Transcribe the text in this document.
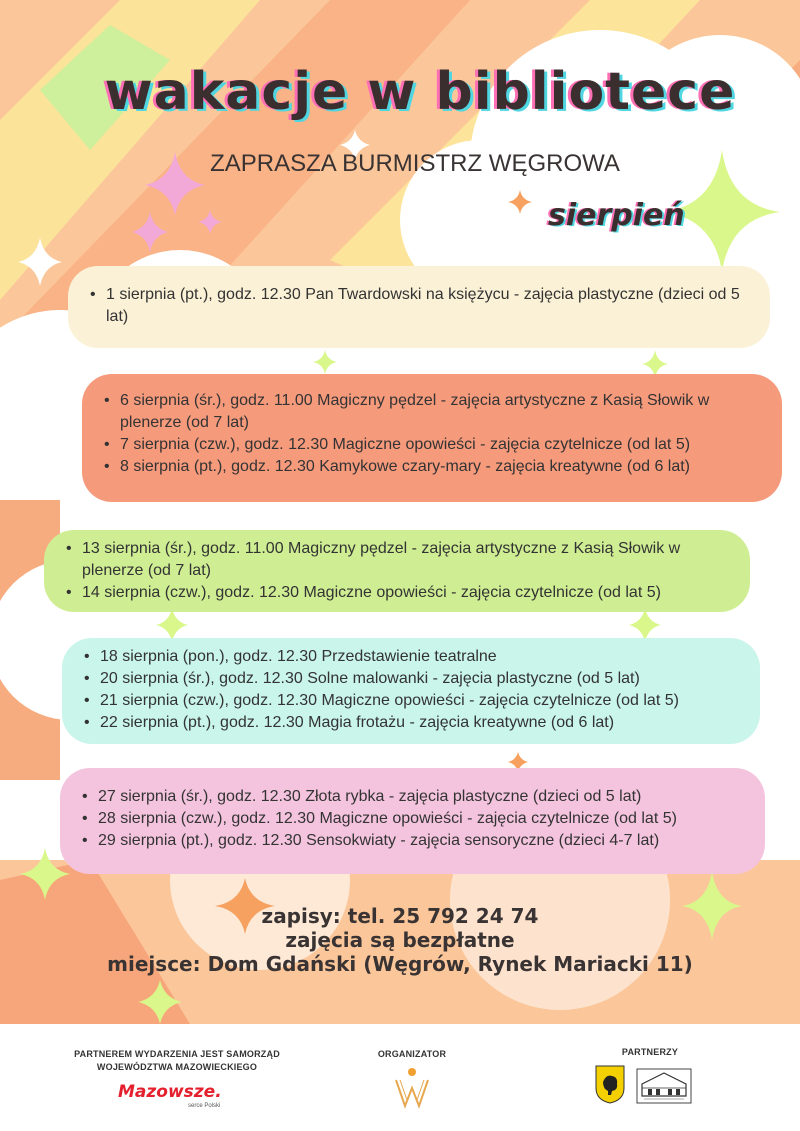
wakacje w bibliotece
ZAPRASZA BURMISTRZ WĘGROWA
sierpień
• 1 sierpnia (pt.), godz. 12.30 Pan Twardowski na księżycu - zajęcia plastyczne (dzieci od 5 lat)
• 6 sierpnia (śr.), godz. 11.00 Magiczny pędzel - zajęcia artystyczne z Kasią Słowik w plenerze (od 7 lat)
• 7 sierpnia (czw.), godz. 12.30 Magiczne opowieści - zajęcia czytelnicze (od lat 5)
• 8 sierpnia (pt.), godz. 12.30 Kamykowe czary-mary - zajęcia kreatywne (od 6 lat)
• 13 sierpnia (śr.), godz. 11.00 Magiczny pędzel - zajęcia artystyczne z Kasią Słowik w plenerze (od 7 lat)
• 14 sierpnia (czw.), godz. 12.30 Magiczne opowieści - zajęcia czytelnicze (od lat 5)
• 18 sierpnia (pon.), godz. 12.30 Przedstawienie teatralne
• 20 sierpnia (śr.), godz. 12.30 Solne malowanki - zajęcia plastyczne (od 5 lat)
• 21 sierpnia (czw.), godz. 12.30 Magiczne opowieści - zajęcia czytelnicze (od lat 5)
• 22 sierpnia (pt.), godz. 12.30 Magia frotażu - zajęcia kreatywne (od 6 lat)
• 27 sierpnia (śr.), godz. 12.30 Złota rybka - zajęcia plastyczne (dzieci od 5 lat)
• 28 sierpnia (czw.), godz. 12.30 Magiczne opowieści - zajęcia czytelnicze (od lat 5)
• 29 sierpnia (pt.), godz. 12.30 Sensokwiaty - zajęcia sensoryczne (dzieci 4-7 lat)
zapisy: tel. 25 792 24 74
zajęcia są bezpłatne
miejsce: Dom Gdański (Węgrów, Rynek Mariacki 11)
PARTNEREM WYDARZENIA JEST SAMORZĄD
WOJEWÓDZTWA MAZOWIECKIEGO
Mazowsze.
serce Polski
ORGANIZATOR	PARTNERZY
